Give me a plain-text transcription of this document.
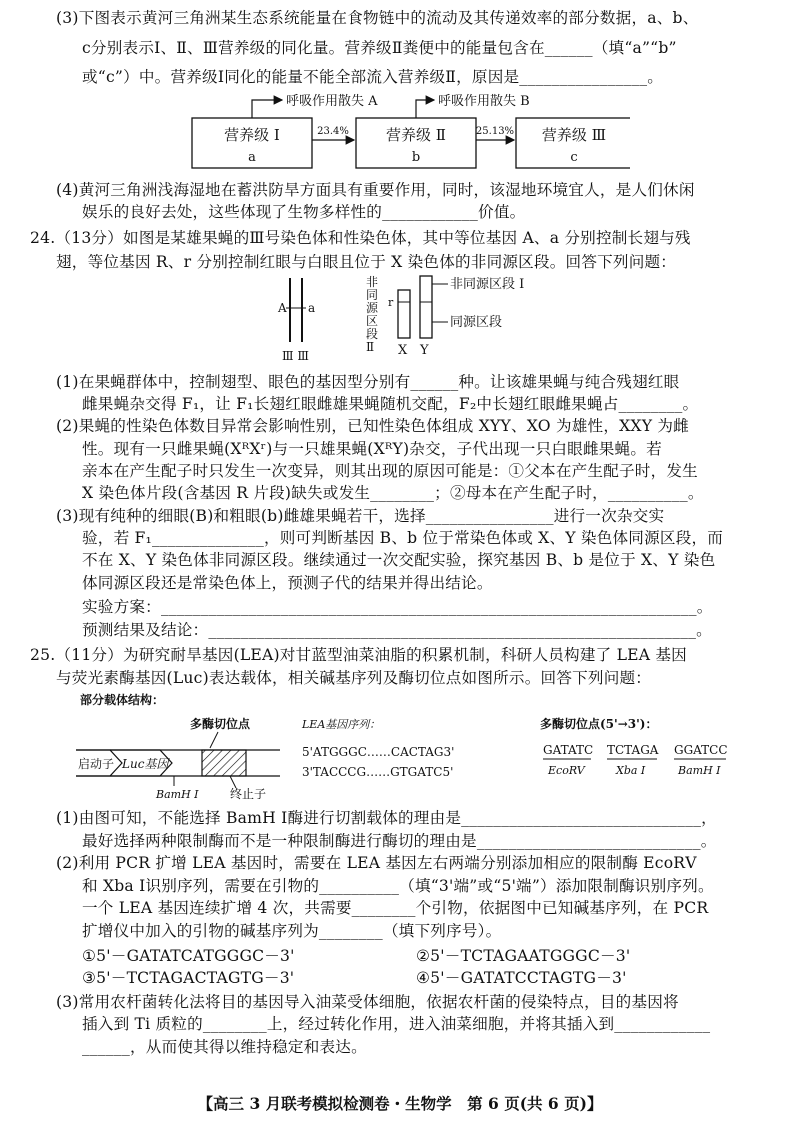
(3)下图表示黄河三角洲某生态系统能量在食物链中的流动及其传递效率的部分数据，a、b、
c分别表示Ⅰ、Ⅱ、Ⅲ营养级的同化量。营养级Ⅱ粪便中的能量包含在______（填“a”“b”
或“c”）中。营养级Ⅰ同化的能量不能全部流入营养级Ⅱ，原因是________________。
营养级 Ⅰ
a
营养级 Ⅱ
b
营养级 Ⅲ
c
23.4%	25.13%
呼吸作用散失 A	呼吸作用散失 B
(4)黄河三角洲浅海湿地在蓄洪防旱方面具有重要作用，同时，该湿地环境宜人，是人们休闲
娱乐的良好去处，这些体现了生物多样性的____________价值。
24.（13分）如图是某雄果蝇的Ⅲ号染色体和性染色体，其中等位基因 A、a 分别控制长翅与残
翅，等位基因 R、r 分别控制红眼与白眼且位于 X 染色体的非同源区段。回答下列问题：
A a
Ⅲ Ⅲ
非
同
源
区
段
Ⅱ
r
X Y
非同源区段 Ⅰ
同源区段
(1)在果蝇群体中，控制翅型、眼色的基因型分别有______种。让该雄果蝇与纯合残翅红眼
雌果蝇杂交得 F₁，让 F₁长翅红眼雌雄果蝇随机交配，F₂中长翅红眼雌果蝇占________。
(2)果蝇的性染色体数目异常会影响性别，已知性染色体组成 XYY、XO 为雄性，XXY 为雌
性。现有一只雌果蝇(XᴿXʳ)与一只雄果蝇(XᴿY)杂交，子代出现一只白眼雌果蝇。若
亲本在产生配子时只发生一次变异，则其出现的原因可能是：①父本在产生配子时，发生
X 染色体片段(含基因 R 片段)缺失或发生________；②母本在产生配子时，__________。
(3)现有纯种的细眼(B)和粗眼(b)雌雄果蝇若干，选择________________进行一次杂交实
验，若 F₁______________，则可判断基因 B、b 位于常染色体或 X、Y 染色体同源区段，而
不在 X、Y 染色体非同源区段。继续通过一次交配实验，探究基因 B、b 是位于 X、Y 染色
体同源区段还是常染色体上，预测子代的结果并得出结论。
实验方案：___________________________________________________________________。
预测结果及结论：_____________________________________________________________。
25.（11分）为研究耐旱基因(LEA)对甘蓝型油菜油脂的积累机制，科研人员构建了 LEA 基因
与荧光素酶基因(Luc)表达载体，相关碱基序列及酶切位点如图所示。回答下列问题：
部分载体结构：
多酶切位点
启动子 Luc基因
BamH Ⅰ	终止子
LEA基因序列：
5'ATGGGC……CACTAG3'
3'TACCCG……GTGATC5'
多酶切位点(5'→3')：
GATATC
EcoRV
TCTAGA
Xba Ⅰ
GGATCC
BamH Ⅰ
(1)由图可知，不能选择 BamH Ⅰ酶进行切割载体的理由是______________________________，
最好选择两种限制酶而不是一种限制酶进行酶切的理由是____________________________。
(2)利用 PCR 扩增 LEA 基因时，需要在 LEA 基因左右两端分别添加相应的限制酶 EcoRⅤ
和 Xba Ⅰ识别序列，需要在引物的__________（填“3'端”或“5'端”）添加限制酶识别序列。
一个 LEA 基因连续扩增 4 次，共需要________个引物，依据图中已知碱基序列，在 PCR
扩增仪中加入的引物的碱基序列为________（填下列序号）。
①5'－GATATCATGGGC－3'	②5'－TCTAGAATGGGC－3'
③5'－TCTAGACTAGTG－3'	④5'－GATATCCTAGTG－3'
(3)常用农杆菌转化法将目的基因导入油菜受体细胞，依据农杆菌的侵染特点，目的基因将
插入到 Ti 质粒的________上，经过转化作用，进入油菜细胞，并将其插入到____________
______，从而使其得以维持稳定和表达。
【高三 3 月联考模拟检测卷・生物学　第 6 页(共 6 页)】
